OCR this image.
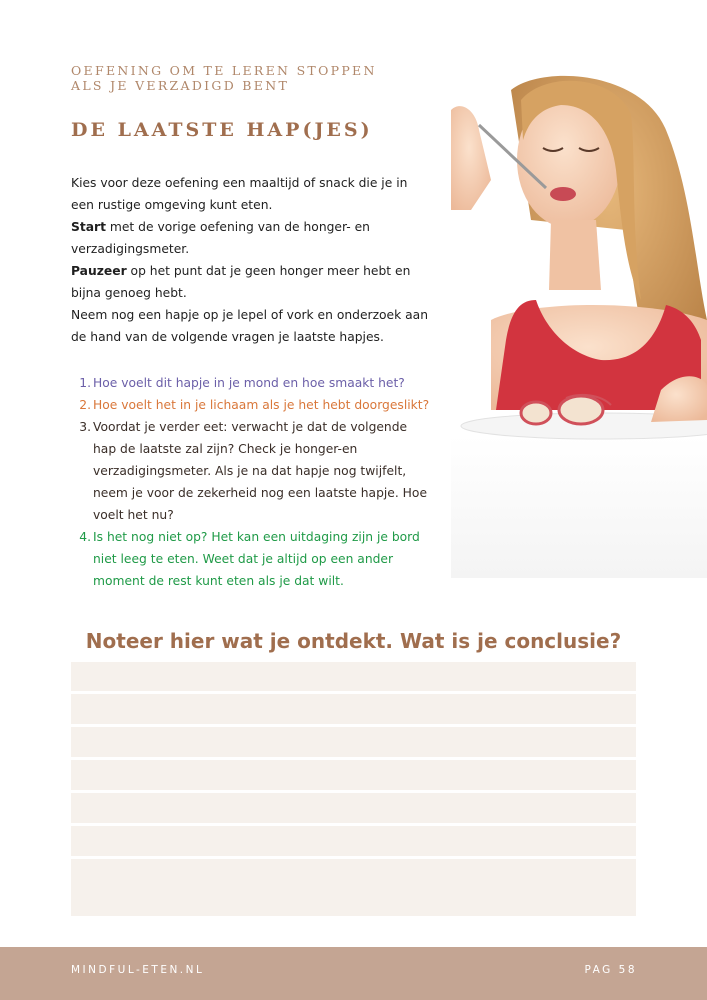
OEFENING OM TE LEREN STOPPEN
ALS JE VERZADIGD BENT
DE LAATSTE HAP(JES)

Kies voor deze oefening een maaltijd of snack die je in een rustige omgeving kunt eten.

Start met de vorige oefening van de honger- en verzadigingsmeter.

Pauzeer op het punt dat je geen honger meer hebt en bijna genoeg hebt.

Neem nog een hapje op je lepel of vork en onderzoek aan de hand van de volgende vragen je laatste hapjes.

1. Hoe voelt dit hapje in je mond en hoe smaakt het?
2. Hoe voelt het in je lichaam als je het hebt doorgeslikt?
3. Voordat je verder eet: verwacht je dat de volgende hap de laatste zal zijn? Check je honger-en verzadigingsmeter. Als je na dat hapje nog twijfelt, neem je voor de zekerheid nog een laatste hapje. Hoe voelt het nu?
4. Is het nog niet op? Het kan een uitdaging zijn je bord niet leeg te eten. Weet dat je altijd op een ander moment de rest kunt eten als je dat wilt.
Noteer hier wat je ontdekt. Wat is je conclusie?
MINDFUL-ETEN.NL	PAG 58
